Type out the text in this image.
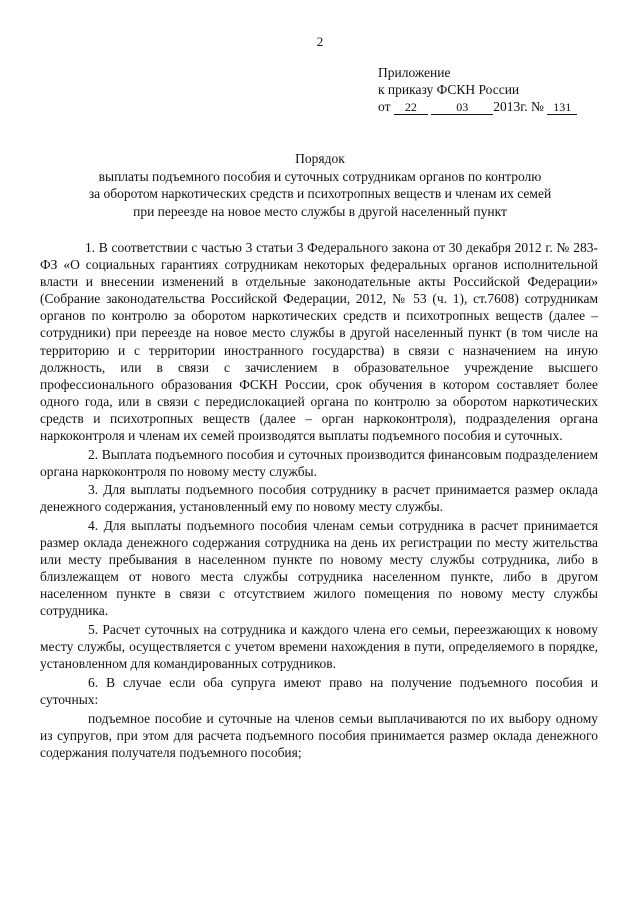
2
Приложение
к приказу ФСКН России
от 22	03 2013г. № 131
Порядок
выплаты подъемного пособия и суточных сотрудникам органов по контролю
за оборотом наркотических средств и психотропных веществ и членам их семей
при переезде на новое место службы в другой населенный пункт

1. В соответствии с частью 3 статьи 3 Федерального закона от 30 декабря 2012 г. № 283-ФЗ «О социальных гарантиях сотрудникам некоторых федеральных органов исполнительной власти и внесении изменений в отдельные законодательные акты Российской Федерации» (Собрание законодательства Российской Федерации, 2012, № 53 (ч. 1), ст.7608) сотрудникам органов по контролю за оборотом наркотических средств и психотропных веществ (далее – сотрудники) при переезде на новое место службы в другой населенный пункт (в том числе на территорию и с территории иностранного государства) в связи с назначением на иную должность, или в связи с зачислением в образовательное учреждение высшего профессионального образования ФСКН России, срок обучения в котором составляет более одного года, или в связи с передислокацией органа по контролю за оборотом наркотических средств и психотропных веществ (далее – орган наркоконтроля), подразделения органа наркоконтроля и членам их семей производятся выплаты подъемного пособия и суточных.

2. Выплата подъемного пособия и суточных производится финансовым подразделением органа наркоконтроля по новому месту службы.

3. Для выплаты подъемного пособия сотруднику в расчет принимается размер оклада денежного содержания, установленный ему по новому месту службы.

4. Для выплаты подъемного пособия членам семьи сотрудника в расчет принимается размер оклада денежного содержания сотрудника на день их регистрации по месту жительства или месту пребывания в населенном пункте по новому месту службы сотрудника, либо в близлежащем от нового места службы сотрудника населенном пункте, либо в другом населенном пункте в связи с отсутствием жилого помещения по новому месту службы сотрудника.

5. Расчет суточных на сотрудника и каждого члена его семьи, переезжающих к новому месту службы, осуществляется с учетом времени нахождения в пути, определяемого в порядке, установленном для командированных сотрудников.

6. В случае если оба супруга имеют право на получение подъемного пособия и суточных:

подъемное пособие и суточные на членов семьи выплачиваются по их выбору одному из супругов, при этом для расчета подъемного пособия принимается размер оклада денежного содержания получателя подъемного пособия;
